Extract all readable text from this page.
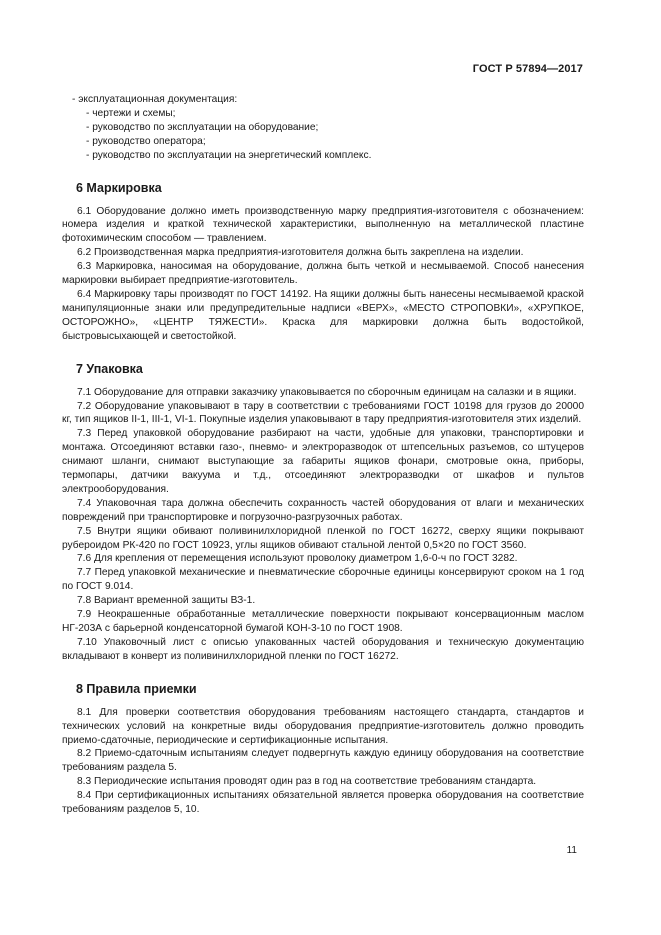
ГОСТ Р 57894—2017

- эксплуатационная документация:

- чертежи и схемы;

- руководство по эксплуатации на оборудование;

- руководство оператора;

- руководство по эксплуатации на энергетический комплекс.

6 Маркировка

6.1 Оборудование должно иметь производственную марку предприятия-изготовителя с обозначением: номера изделия и краткой технической характеристики, выполненную на металлической пластине фотохимическим способом — травлением.

6.2 Производственная марка предприятия-изготовителя должна быть закреплена на изделии.

6.3 Маркировка, наносимая на оборудование, должна быть четкой и несмываемой. Способ нанесения маркировки выбирает предприятие-изготовитель.

6.4 Маркировку тары производят по ГОСТ 14192. На ящики должны быть нанесены несмываемой краской манипуляционные знаки или предупредительные надписи «ВЕРХ», «МЕСТО СТРОПОВКИ», «ХРУПКОЕ, ОСТОРОЖНО», «ЦЕНТР ТЯЖЕСТИ». Краска для маркировки должна быть водостойкой, быстровысыхающей и светостойкой.

7 Упаковка

7.1 Оборудование для отправки заказчику упаковывается по сборочным единицам на салазки и в ящики.

7.2 Оборудование упаковывают в тару в соответствии с требованиями ГОСТ 10198 для грузов до 20000 кг, тип ящиков II-1, III-1, VI-1. Покупные изделия упаковывают в тару предприятия-изготовителя этих изделий.

7.3 Перед упаковкой оборудование разбирают на части, удобные для упаковки, транспортировки и монтажа. Отсоединяют вставки газо-, пневмо- и электроразводок от штепсельных разъемов, со штуцеров снимают шланги, снимают выступающие за габариты ящиков фонари, смотровые окна, приборы, термопары, датчики вакуума и т.д., отсоединяют электроразводки от шкафов и пультов электрооборудования.

7.4 Упаковочная тара должна обеспечить сохранность частей оборудования от влаги и механических повреждений при транспортировке и погрузочно-разгрузочных работах.

7.5 Внутри ящики обивают поливинилхлоридной пленкой по ГОСТ 16272, сверху ящики покрывают рубероидом РК-420 по ГОСТ 10923, углы ящиков обивают стальной лентой 0,5×20 по ГОСТ 3560.

7.6 Для крепления от перемещения используют проволоку диаметром 1,6-0-ч по ГОСТ 3282.

7.7 Перед упаковкой механические и пневматические сборочные единицы консервируют сроком на 1 год по ГОСТ 9.014.

7.8 Вариант временной защиты ВЗ-1.

7.9 Неокрашенные обработанные металлические поверхности покрывают консервационным маслом НГ-203А с барьерной конденсаторной бумагой КОН-3-10 по ГОСТ 1908.

7.10 Упаковочный лист с описью упакованных частей оборудования и техническую документацию вкладывают в конверт из поливинилхлоридной пленки по ГОСТ 16272.

8 Правила приемки

8.1 Для проверки соответствия оборудования требованиям настоящего стандарта, стандартов и технических условий на конкретные виды оборудования предприятие-изготовитель должно проводить приемо-сдаточные, периодические и сертификационные испытания.

8.2 Приемо-сдаточным испытаниям следует подвергнуть каждую единицу оборудования на соответствие требованиям раздела 5.

8.3 Периодические испытания проводят один раз в год на соответствие требованиям стандарта.

8.4 При сертификационных испытаниях обязательной является проверка оборудования на соответствие требованиям разделов 5, 10.

11
